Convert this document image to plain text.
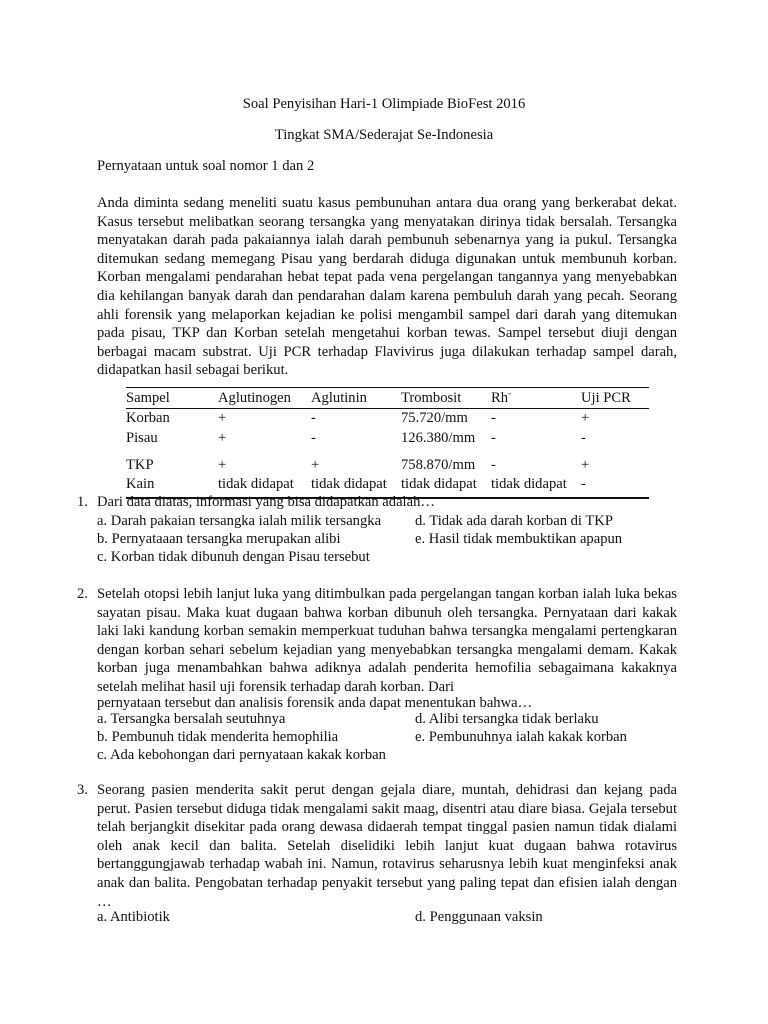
Soal Penyisihan Hari-1 Olimpiade BioFest 2016
Tingkat SMA/Sederajat Se-Indonesia
Pernyataan untuk soal nomor 1 dan 2
Anda diminta sedang meneliti suatu kasus pembunuhan antara dua orang yang berkerabat dekat. Kasus tersebut melibatkan seorang tersangka yang menyatakan dirinya tidak bersalah. Tersangka menyatakan darah pada pakaiannya ialah darah pembunuh sebenarnya yang ia pukul. Tersangka ditemukan sedang memegang Pisau yang berdarah diduga digunakan untuk membunuh korban. Korban mengalami pendarahan hebat tepat pada vena pergelangan tangannya yang menyebabkan dia kehilangan banyak darah dan pendarahan dalam karena pembuluh darah yang pecah. Seorang ahli forensik yang melaporkan kejadian ke polisi mengambil sampel dari darah yang ditemukan pada pisau, TKP dan Korban setelah mengetahui korban tewas. Sampel tersebut diuji dengan berbagai macam substrat. Uji PCR terhadap Flavivirus juga dilakukan terhadap sampel darah, didapatkan hasil sebagai berikut.
Sampel	Aglutinogen	Aglutinin	Trombosit	Rh-	Uji PCR
Korban	+	-	75.720/mm	-	+
Pisau	+	-	126.380/mm	-	-
TKP	+	+	758.870/mm	-	+
Kain	tidak didapat	tidak didapat	tidak didapat	tidak didapat	-
1. Dari data diatas, informasi yang bisa didapatkan adalah…
a. Darah pakaian tersangka ialah milik tersangka d. Tidak ada darah korban di TKP
b. Pernyataaan tersangka merupakan alibi	e. Hasil tidak membuktikan apapun
c. Korban tidak dibunuh dengan Pisau tersebut
2. Setelah otopsi lebih lanjut luka yang ditimbulkan pada pergelangan tangan korban ialah luka bekas sayatan pisau. Maka kuat dugaan bahwa korban dibunuh oleh tersangka. Pernyataan dari kakak laki laki kandung korban semakin memperkuat tuduhan bahwa tersangka mengalami pertengkaran dengan korban sehari sebelum kejadian yang menyebabkan tersangka mengalami demam. Kakak korban juga menambahkan bahwa adiknya adalah penderita hemofilia sebagaimana kakaknya setelah melihat hasil uji forensik terhadap darah korban. Dari
pernyataan tersebut dan analisis forensik anda dapat menentukan bahwa…
a. Tersangka bersalah seutuhnya	d. Alibi tersangka tidak berlaku
b. Pembunuh tidak menderita hemophilia	e. Pembunuhnya ialah kakak korban
c. Ada kebohongan dari pernyataan kakak korban
3. Seorang pasien menderita sakit perut dengan gejala diare, muntah, dehidrasi dan kejang pada perut. Pasien tersebut diduga tidak mengalami sakit maag, disentri atau diare biasa. Gejala tersebut telah berjangkit disekitar pada orang dewasa didaerah tempat tinggal pasien namun tidak dialami oleh anak kecil dan balita. Setelah diselidiki lebih lanjut kuat dugaan bahwa rotavirus bertanggungjawab terhadap wabah ini. Namun, rotavirus seharusnya lebih kuat menginfeksi anak anak dan balita. Pengobatan terhadap penyakit tersebut yang paling tepat dan efisien ialah dengan …
a. Antibiotik	d. Penggunaan vaksin
